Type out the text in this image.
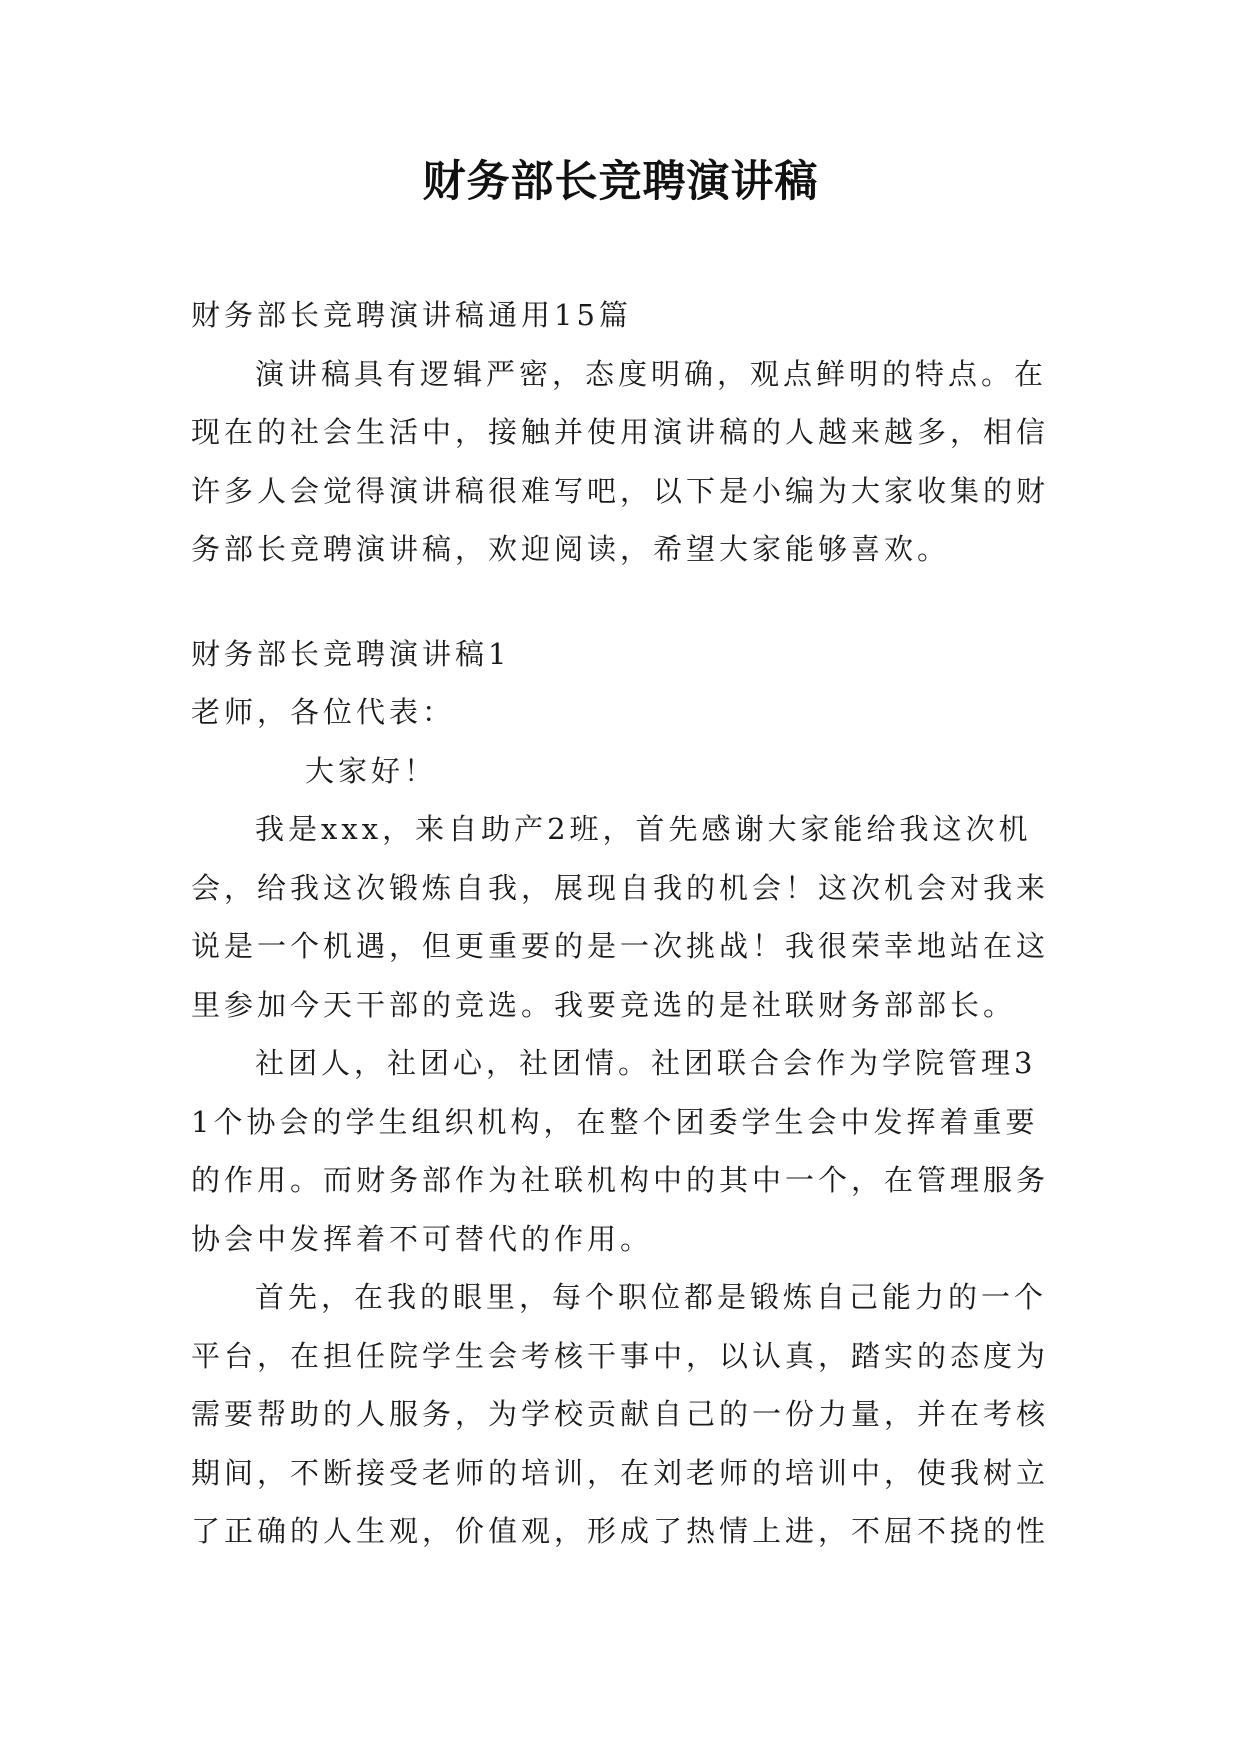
财务部长竞聘演讲稿

财务部长竞聘演讲稿通用15篇

演讲稿具有逻辑严密，态度明确，观点鲜明的特点。在现在的社会生活中，接触并使用演讲稿的人越来越多，相信许多人会觉得演讲稿很难写吧，以下是小编为大家收集的财务部长竞聘演讲稿，欢迎阅读，希望大家能够喜欢。

财务部长竞聘演讲稿1

老师，各位代表：

大家好！

我是xxx，来自助产2班，首先感谢大家能给我这次机会，给我这次锻炼自我，展现自我的机会！这次机会对我来说是一个机遇，但更重要的是一次挑战！我很荣幸地站在这里参加今天干部的竞选。我要竞选的是社联财务部部长。

社团人，社团心，社团情。社团联合会作为学院管理31个协会的学生组织机构，在整个团委学生会中发挥着重要的作用。而财务部作为社联机构中的其中一个，在管理服务协会中发挥着不可替代的作用。

首先，在我的眼里，每个职位都是锻炼自己能力的一个平台，在担任院学生会考核干事中，以认真，踏实的态度为需要帮助的人服务，为学校贡献自己的一份力量，并在考核期间，不断接受老师的培训，在刘老师的培训中，使我树立了正确的人生观，价值观，形成了热情上进，不屈不挠的性
